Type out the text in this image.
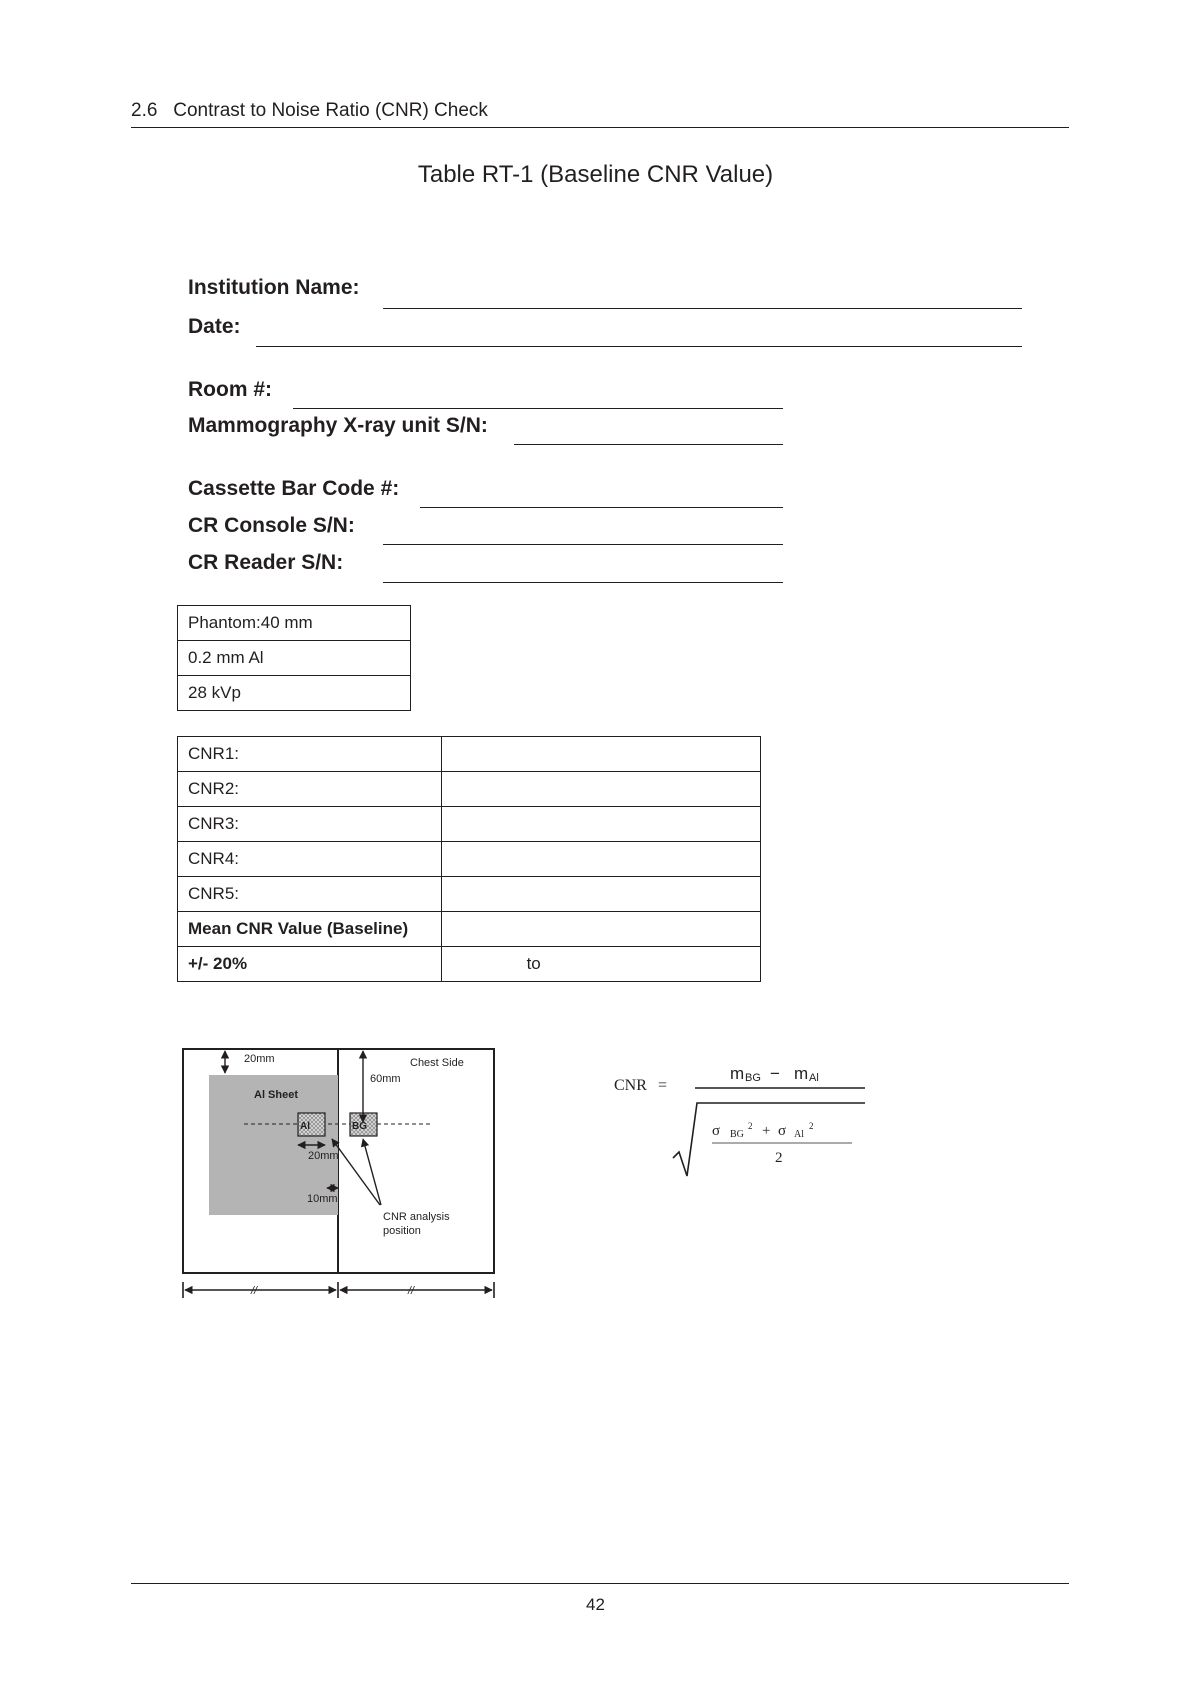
2.6   Contrast to Noise Ratio (CNR) Check
Table RT-1 (Baseline CNR Value)
Institution Name:
Date:
Room #:
Mammography X-ray unit S/N:
Cassette Bar Code #:
CR Console S/N:
CR Reader S/N:
Phantom:40 mm
0.2 mm Al
28 kVp
CNR1:	
CNR2:	
CNR3:	
CNR4:	
CNR5:	
Mean CNR Value (Baseline)	
+/- 20%	to
Al Sheet
Al	BG
20mm	Chest Side
60mm
20mm
10mm
CNR analysis
position
//	//
CNR =
m BG − m Al
σ BG
2 + σ Al
2
2
42
